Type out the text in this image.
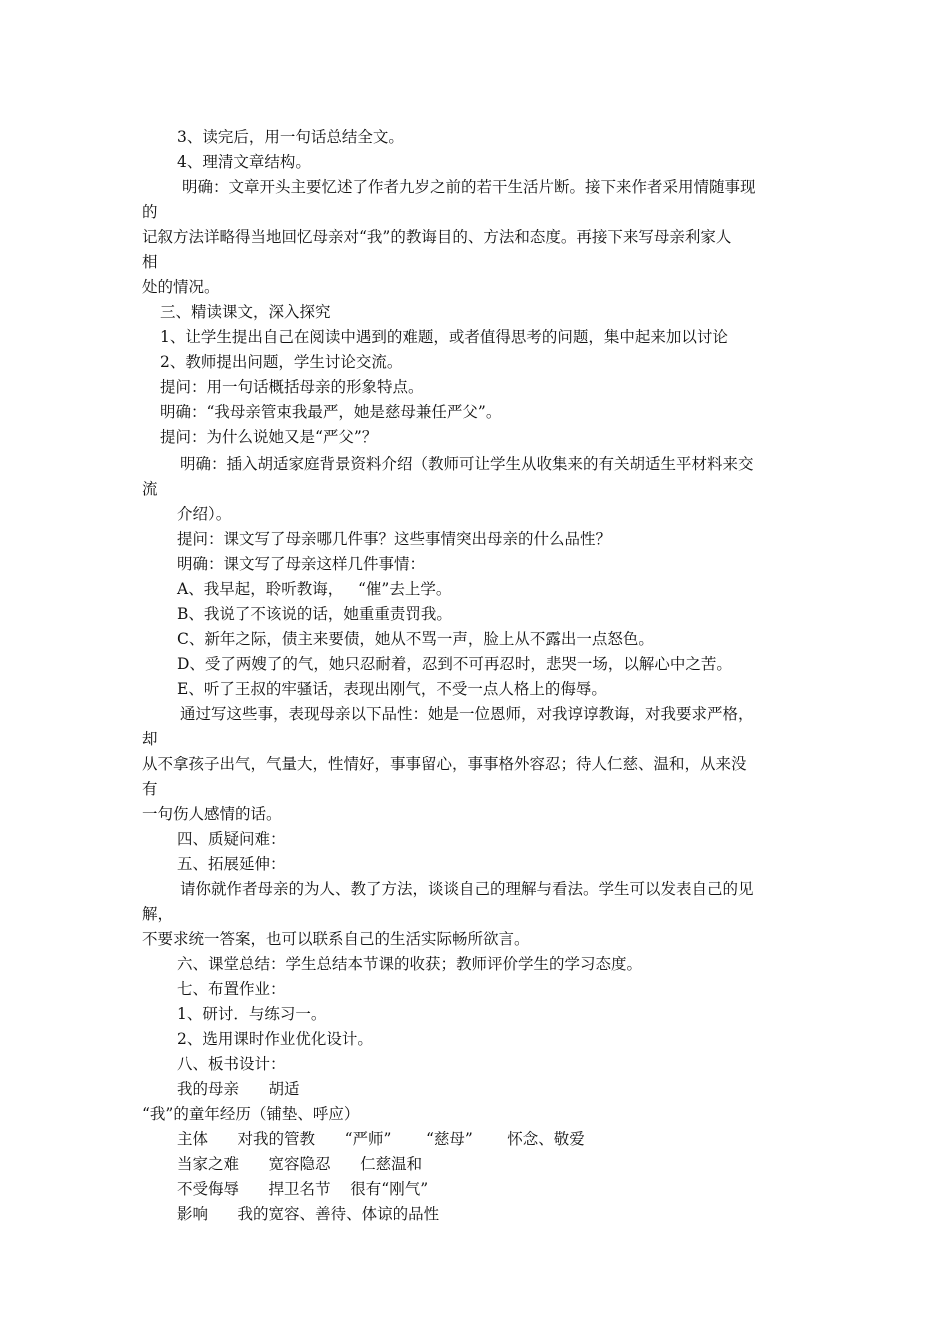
3、读完后，用一句话总结全文。
4、理清文章结构。
明确：文章开头主要忆述了作者九岁之前的若干生活片断。接下来作者采用情随事现
的
记叙方法详略得当地回忆母亲对“我”的教诲目的、方法和态度。再接下来写母亲利家人
相
处的情况。
三、精读课文，深入探究
1、让学生提出自己在阅读中遇到的难题，或者值得思考的问题，集中起来加以讨论
2、教师提出问题，学生讨论交流。
提问：用一句话概括母亲的形象特点。
明确：“我母亲管束我最严，她是慈母兼任严父”。
提问：为什么说她又是“严父”？
明确：插入胡适家庭背景资料介绍（教师可让学生从收集来的有关胡适生平材料来交
流
介绍）。
提问：课文写了母亲哪几件事？这些事情突出母亲的什么品性？
明确：课文写了母亲这样几件事情：
A、我早起，聆听教诲，   “催”去上学。
B、我说了不该说的话，她重重责罚我。
C、新年之际，债主来要债，她从不骂一声，脸上从不露出一点怒色。
D、受了两嫂了的气，她只忍耐着，忍到不可再忍时，悲哭一场，以解心中之苦。
E、听了王叔的牢骚话，表现出刚气，不受一点人格上的侮辱。
通过写这些事，表现母亲以下品性：她是一位恩师，对我谆谆教诲，对我要求严格，
却
从不拿孩子出气，气量大，性情好，事事留心，事事格外容忍；待人仁慈、温和，从来没
有
一句伤人感情的话。
四、质疑问难：
五、拓展延伸：
请你就作者母亲的为人、教了方法，谈谈自己的理解与看法。学生可以发表自己的见
解，
不要求统一答案，也可以联系自己的生活实际畅所欲言。
六、课堂总结：学生总结本节课的收获；教师评价学生的学习态度。
七、布置作业：
1、研讨．与练习一。
2、选用课时作业优化设计。
八、板书设计：
我的母亲      胡适
“我”的童年经历（铺垫、呼应）
主体      对我的管教      “严师”       “慈母”       怀念、敬爱
当家之难      宽容隐忍      仁慈温和
不受侮辱      捍卫名节    很有“刚气”
影响      我的宽容、善待、体谅的品性
